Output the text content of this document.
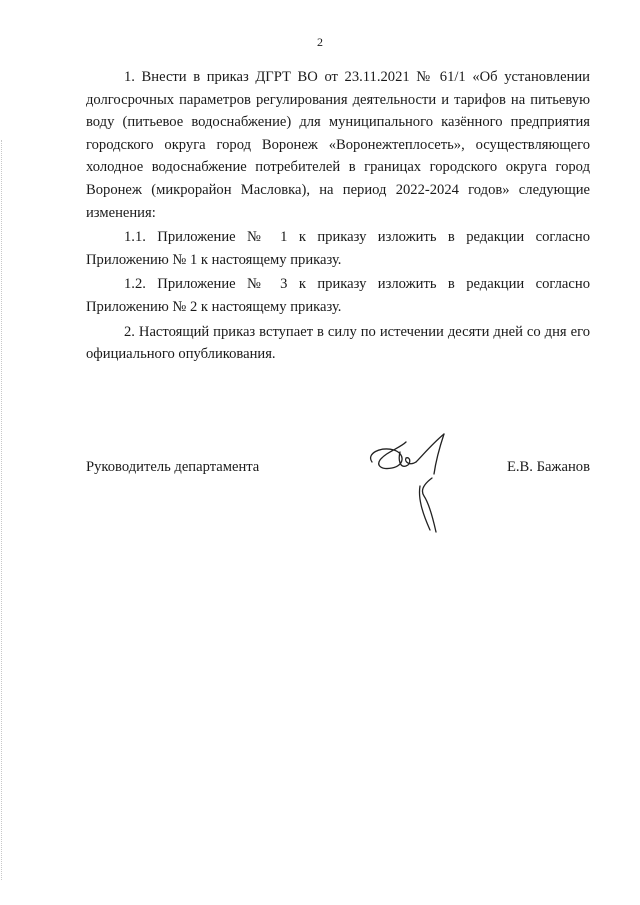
2

1. Внести в приказ ДГРТ ВО от 23.11.2021 № 61/1 «Об установлении долгосрочных параметров регулирования деятельности и тарифов на питьевую воду (питьевое водоснабжение) для муниципального казённого предприятия городского округа город Воронеж «Воронежтеплосеть», осуществляющего холодное водоснабжение потребителей в границах городского округа город Воронеж (микрорайон Масловка), на период 2022-2024 годов» следующие изменения:

1.1. Приложение № 1 к приказу изложить в редакции согласно Приложению № 1 к настоящему приказу.

1.2. Приложение № 3 к приказу изложить в редакции согласно Приложению № 2 к настоящему приказу.

2. Настоящий приказ вступает в силу по истечении десяти дней со дня его официального опубликования.

Руководитель департамента	Е.В. Бажанов
